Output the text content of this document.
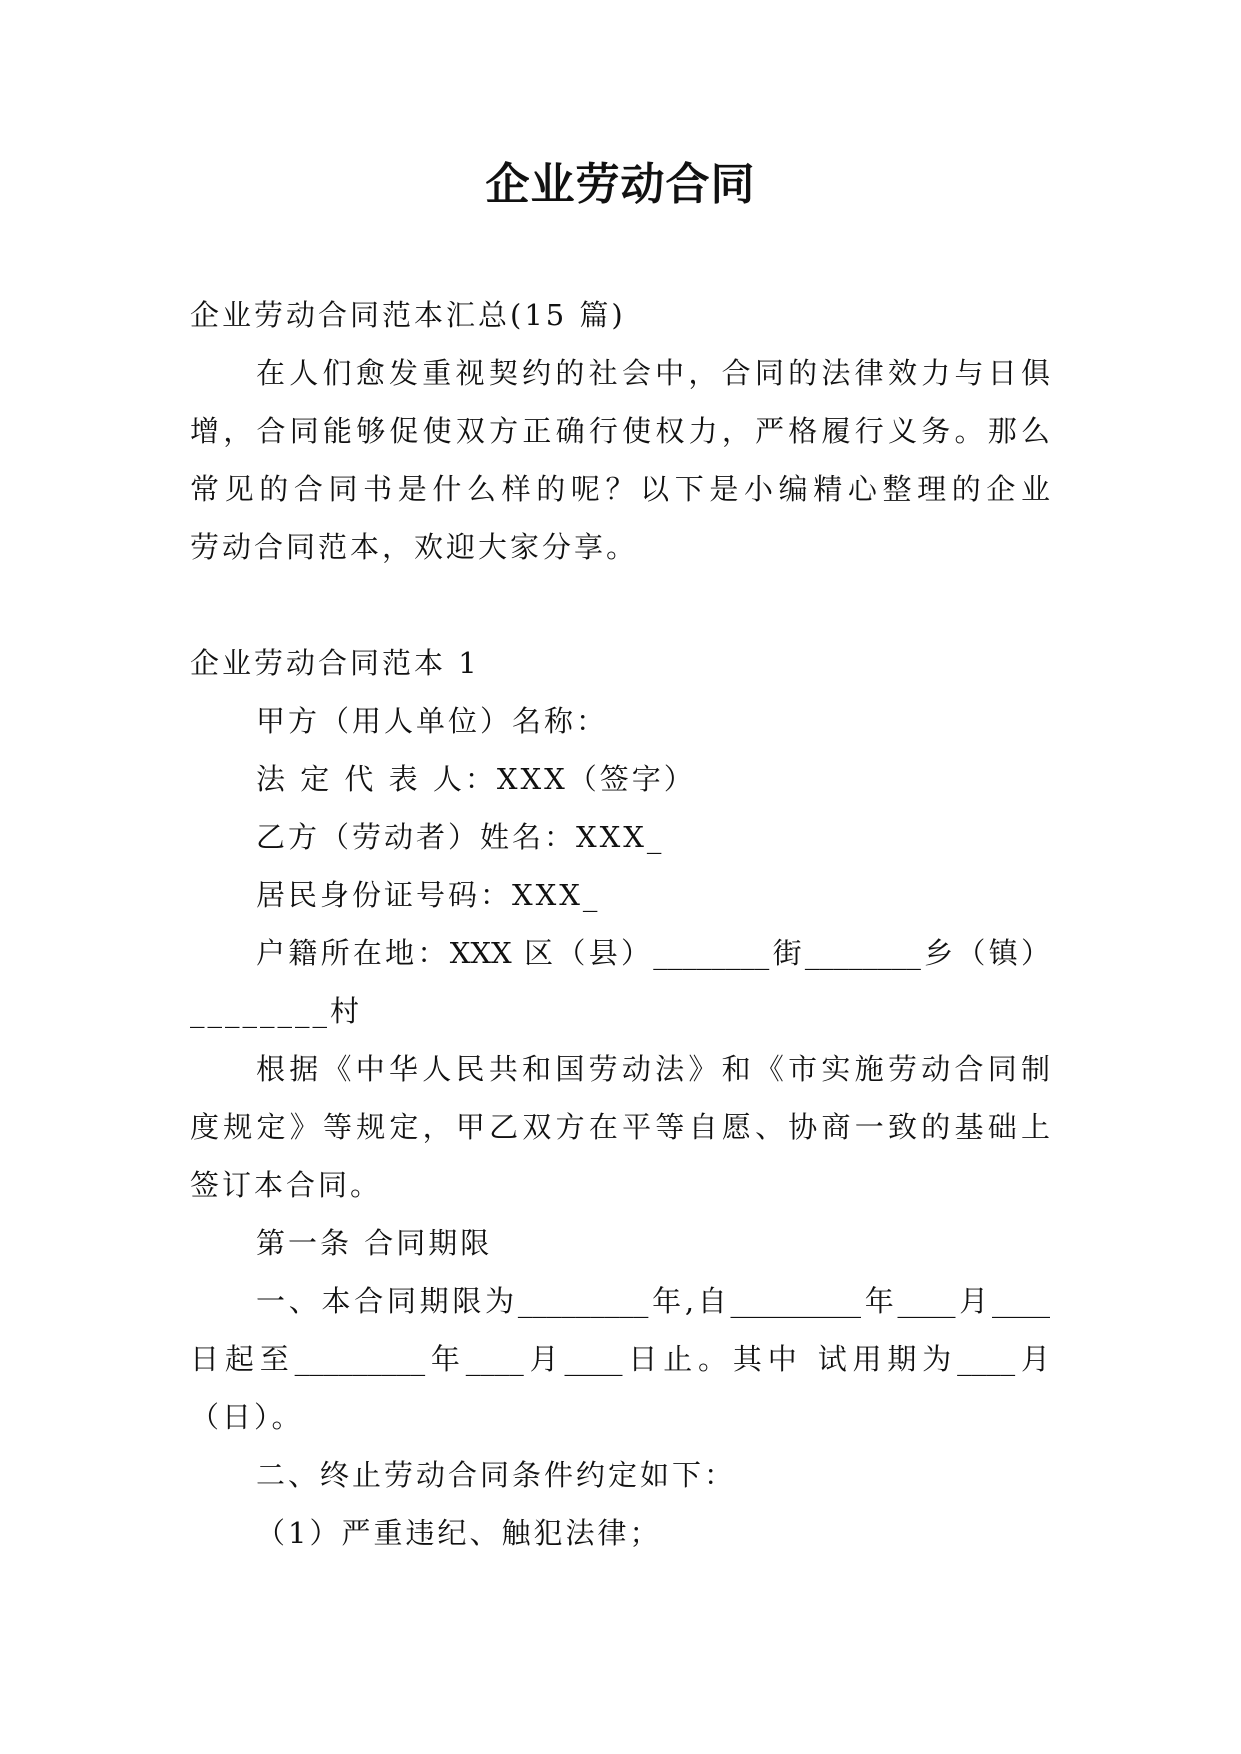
企业劳动合同
企业劳动合同范本汇总(15 篇)
在人们愈发重视契约的社会中，合同的法律效力与日俱
增，合同能够促使双方正确行使权力，严格履行义务。那么
常见的合同书是什么样的呢？以下是小编精心整理的企业
劳动合同范本，欢迎大家分享。
企业劳动合同范本 1
甲方（用人单位）名称：
法 定 代 表 人：XXX（签字）
乙方（劳动者）姓名：XXX_
居民身份证号码：XXX_
户籍所在地：XXX 区（县）________街________乡（镇）
________村
根据《中华人民共和国劳动法》和《市实施劳动合同制
度规定》等规定，甲乙双方在平等自愿、协商一致的基础上
签订本合同。
第一条 合同期限
一、本合同期限为_________年,自_________年____月____
日起至_________年____月____日止。其中 试用期为____月
（日）。
二、终止劳动合同条件约定如下：
（1）严重违纪、触犯法律；
